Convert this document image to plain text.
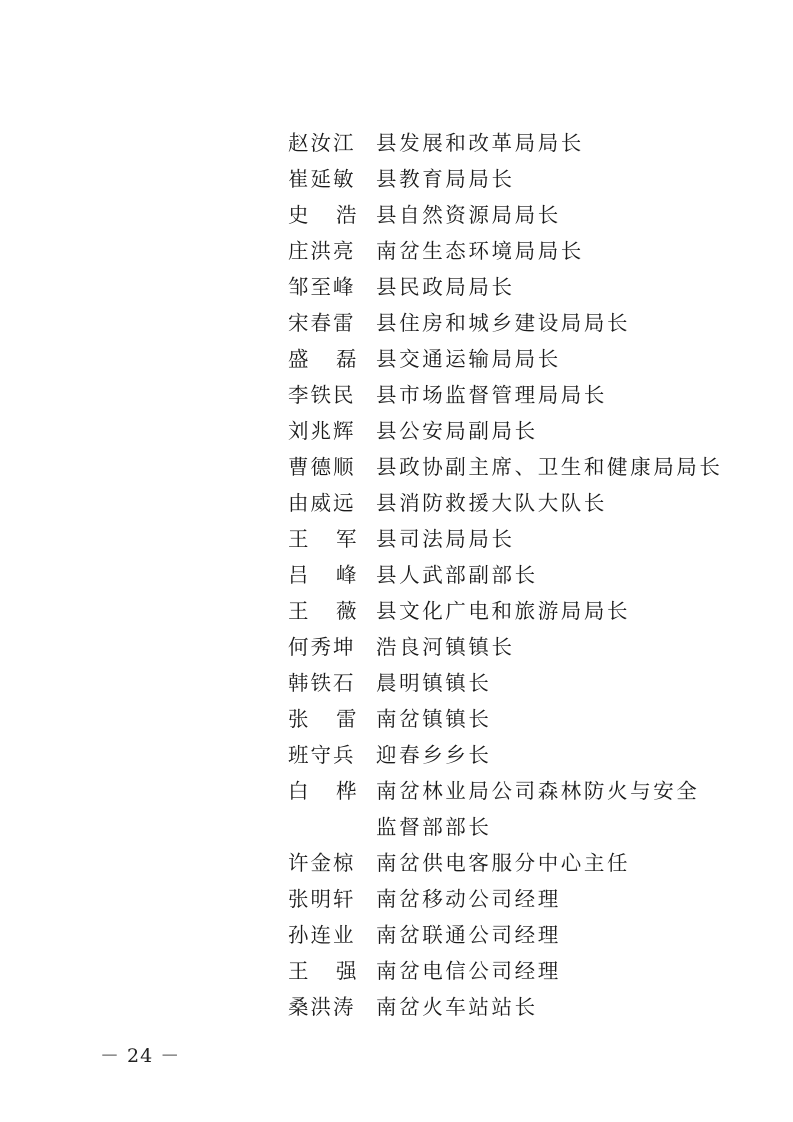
赵汝江	县发展和改革局局长
崔延敏	县教育局局长
史 浩 县自然资源局局长
庄洪亮	南岔生态环境局局长
邹至峰	县民政局局长
宋春雷	县住房和城乡建设局局长
盛 磊 县交通运输局局长
李铁民	县市场监督管理局局长
刘兆辉	县公安局副局长
曹德顺	县政协副主席、卫生和健康局局长
由威远	县消防救援大队大队长
王 军 县司法局局长
吕 峰 县人武部副部长
王 薇 县文化广电和旅游局局长
何秀坤	浩良河镇镇长
韩铁石	晨明镇镇长
张 雷 南岔镇镇长
班守兵	迎春乡乡长
白 桦 南岔林业局公司森林防火与安全
监督部部长
许金椋	南岔供电客服分中心主任
张明轩	南岔移动公司经理
孙连业	南岔联通公司经理
王 强 南岔电信公司经理
桑洪涛	南岔火车站站长
－ 24 －
